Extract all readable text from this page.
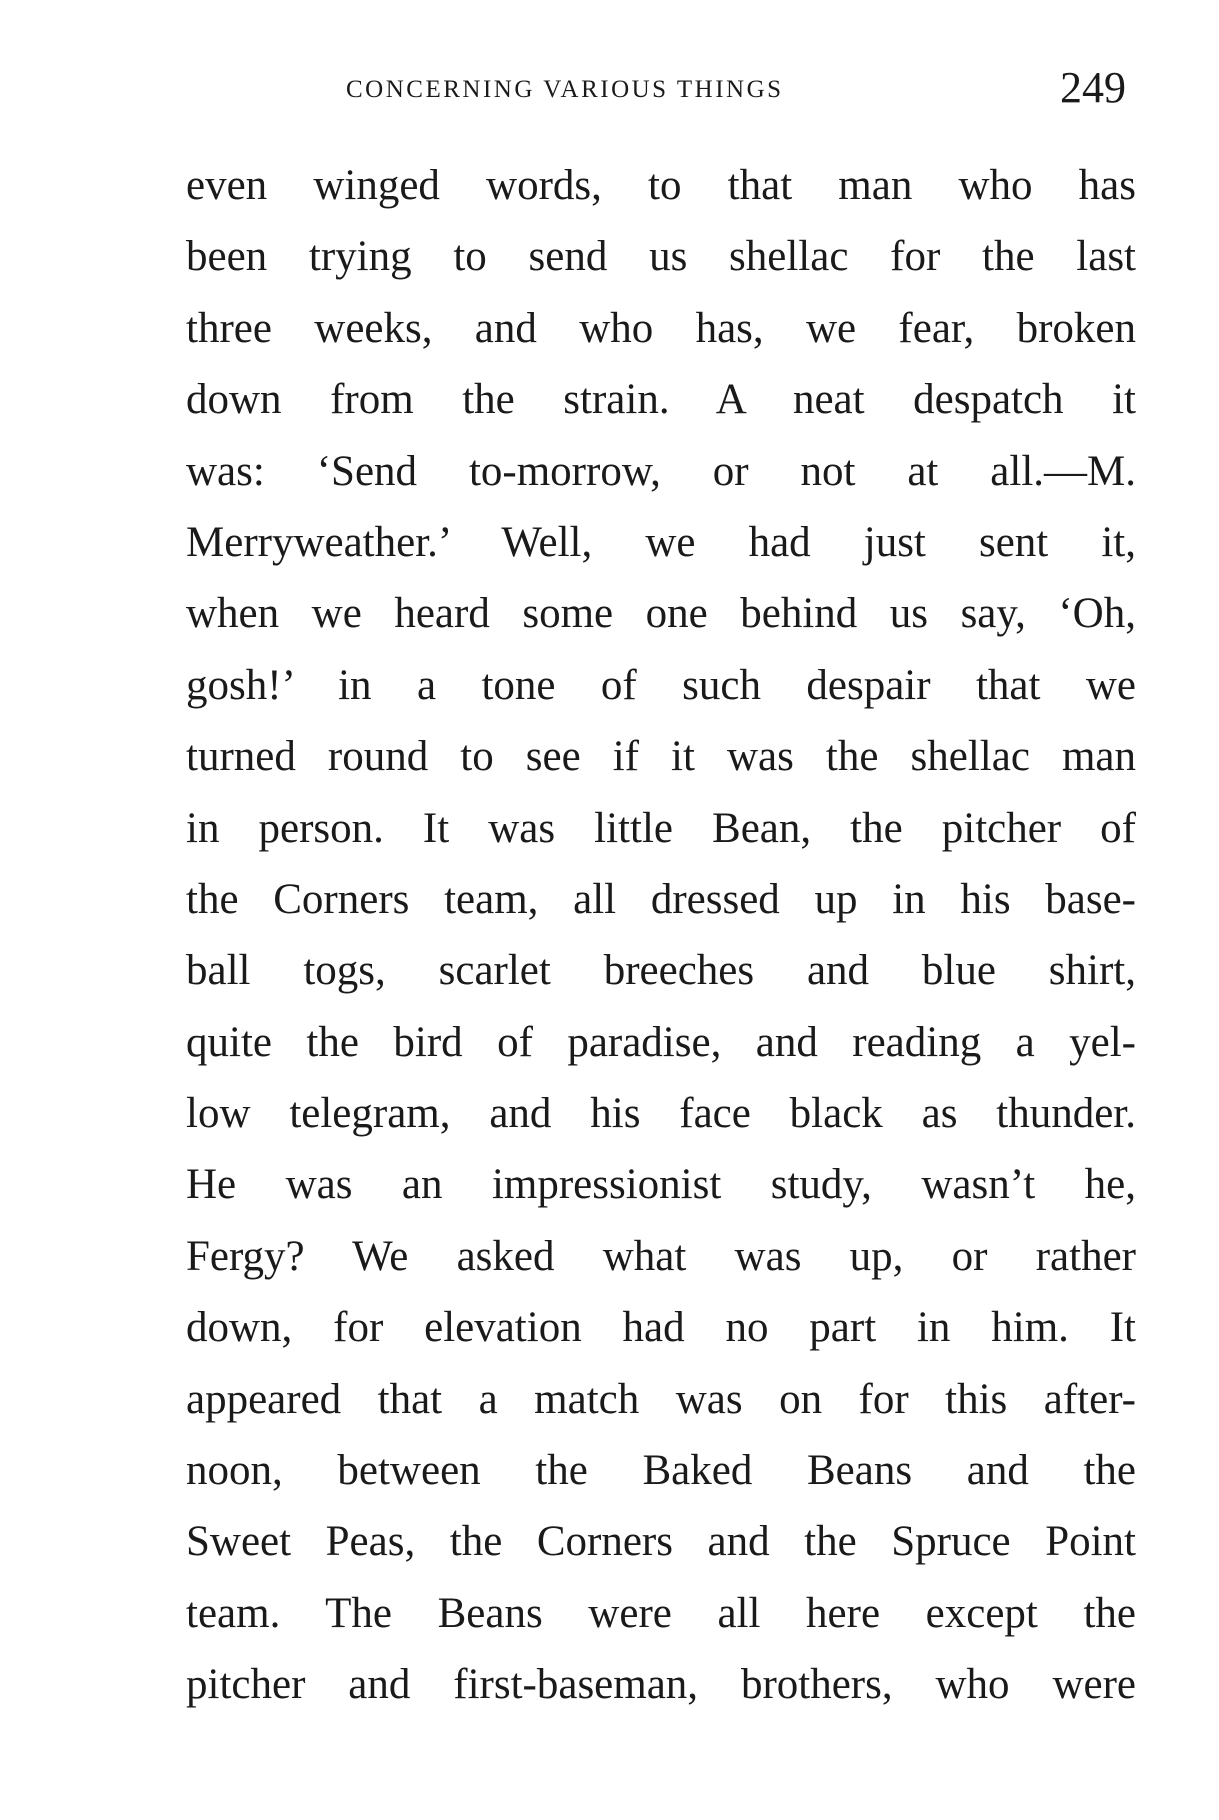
CONCERNING VARIOUS THINGS	249
even winged words, to that man who has
been trying to send us shellac for the last
three weeks, and who has, we fear, broken
down from the strain. A neat despatch it
was: ‘Send to-morrow, or not at all.—M.
Merryweather.’ Well, we had just sent it,
when we heard some one behind us say, ‘Oh,
gosh!’ in a tone of such despair that we
turned round to see if it was the shellac man
in person. It was little Bean, the pitcher of
the Corners team, all dressed up in his base-
ball togs, scarlet breeches and blue shirt,
quite the bird of paradise, and reading a yel-
low telegram, and his face black as thunder.
He was an impressionist study, wasn’t he,
Fergy? We asked what was up, or rather
down, for elevation had no part in him. It
appeared that a match was on for this after-
noon, between the Baked Beans and the
Sweet Peas, the Corners and the Spruce Point
team. The Beans were all here except the
pitcher and first-baseman, brothers, who were
